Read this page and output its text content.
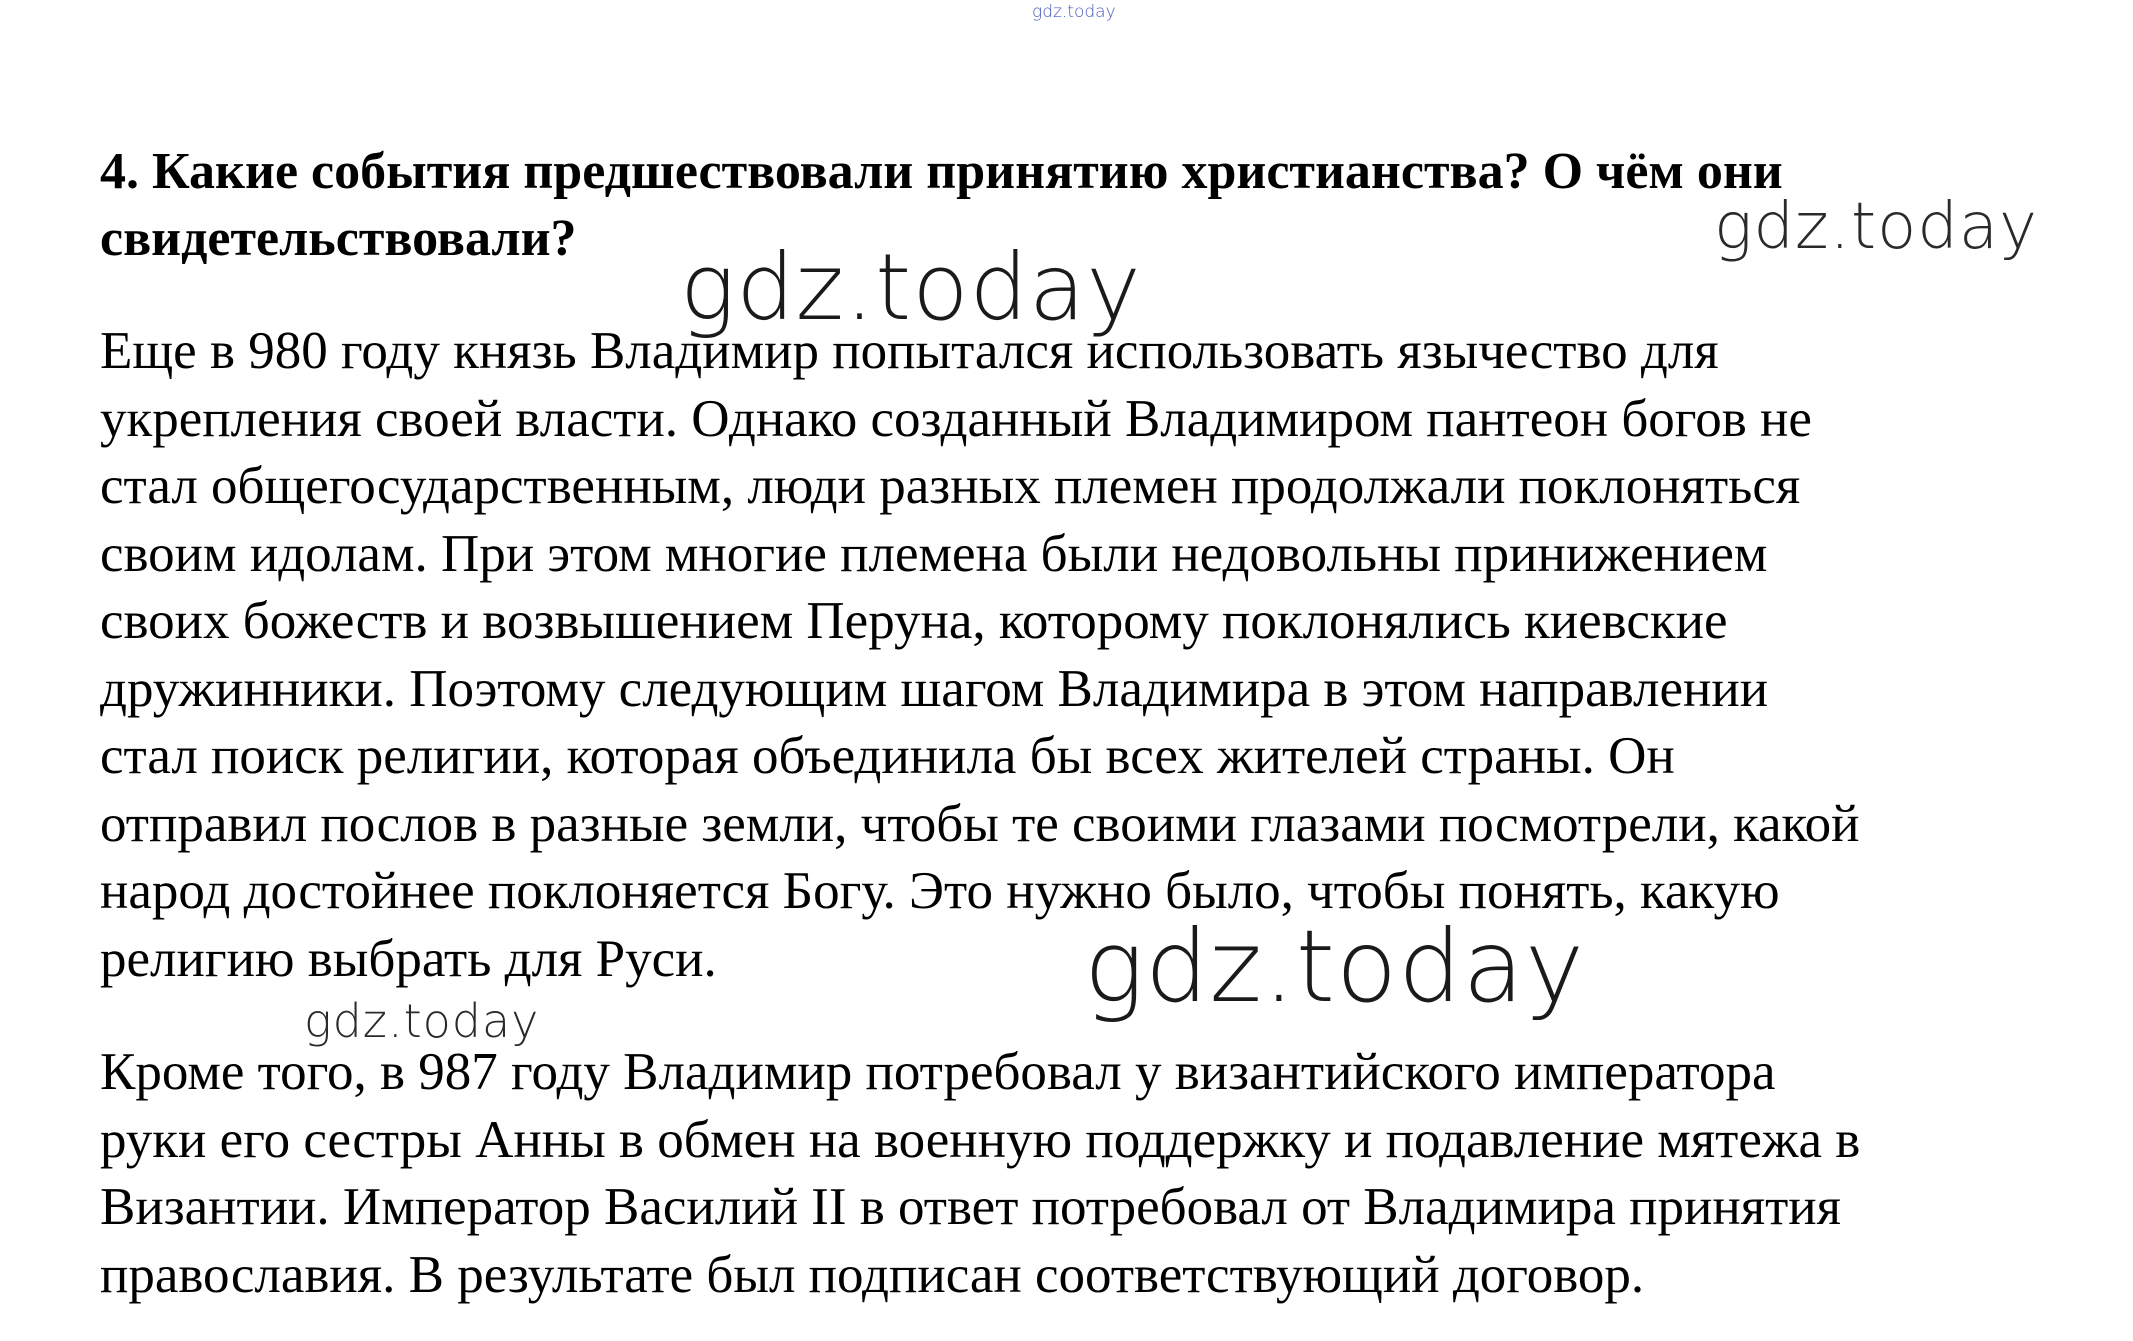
gdz.today

4. Какие события предшествовали принятию христианства? О чём они свидетельствовали?	gdz.today
gdz.today

Еще в 980 году князь Владимир попытался использовать язычество для
укрепления своей власти. Однако созданный Владимиром пантеон богов не
стал общегосударственным, люди разных племен продолжали поклоняться
своим идолам. При этом многие племена были недовольны принижением
своих божеств и возвышением Перуна, которому поклонялись киевские
дружинники. Поэтому следующим шагом Владимира в этом направлении
стал поиск религии, которая объединила бы всех жителей страны. Он
отправил послов в разные земли, чтобы те своими глазами посмотрели, какой
народ достойнее поклоняется Богу. Это нужно было, чтобы понять, какую
религию выбрать для Руси.	gdz.today
gdz.today

Кроме того, в 987 году Владимир потребовал у византийского императора
руки его сестры Анны в обмен на военную поддержку и подавление мятежа в
Византии. Император Василий II в ответ потребовал от Владимира принятия
православия. В результате был подписан соответствующий договор.
